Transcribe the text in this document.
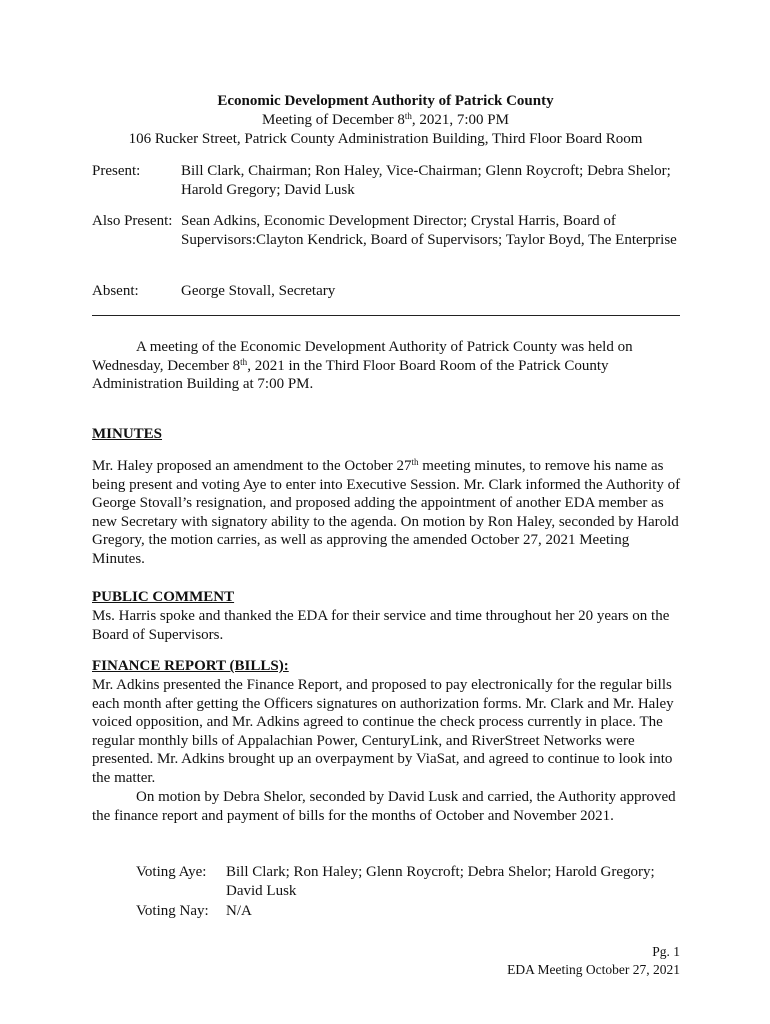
Economic Development Authority of Patrick County
Meeting of December 8th, 2021, 7:00 PM
106 Rucker Street, Patrick County Administration Building, Third Floor Board Room
Present:	Bill Clark, Chairman; Ron Haley, Vice-Chairman; Glenn Roycroft; Debra Shelor; Harold Gregory; David Lusk
Also Present: Sean Adkins, Economic Development Director; Crystal Harris, Board of Supervisors:Clayton Kendrick, Board of Supervisors; Taylor Boyd, The Enterprise
Absent:	George Stovall, Secretary
A meeting of the Economic Development Authority of Patrick County was held on Wednesday, December 8th, 2021 in the Third Floor Board Room of the Patrick County Administration Building at 7:00 PM.
MINUTES
Mr. Haley proposed an amendment to the October 27th meeting minutes, to remove his name as being present and voting Aye to enter into Executive Session. Mr. Clark informed the Authority of George Stovall’s resignation, and proposed adding the appointment of another EDA member as new Secretary with signatory ability to the agenda. On motion by Ron Haley, seconded by Harold Gregory, the motion carries, as well as approving the amended October 27, 2021 Meeting Minutes.
PUBLIC COMMENT
Ms. Harris spoke and thanked the EDA for their service and time throughout her 20 years on the Board of Supervisors.
FINANCE REPORT (BILLS):
Mr. Adkins presented the Finance Report, and proposed to pay electronically for the regular bills each month after getting the Officers signatures on authorization forms. Mr. Clark and Mr. Haley voiced opposition, and Mr. Adkins agreed to continue the check process currently in place. The regular monthly bills of Appalachian Power, CenturyLink, and RiverStreet Networks were presented. Mr. Adkins brought up an overpayment by ViaSat, and agreed to continue to look into the matter.
On motion by Debra Shelor, seconded by David Lusk and carried, the Authority approved the finance report and payment of bills for the months of October and November 2021.
Voting Aye:	Bill Clark; Ron Haley; Glenn Roycroft; Debra Shelor; Harold Gregory; David Lusk
Voting Nay:	N/A
Pg. 1
EDA Meeting October 27, 2021
